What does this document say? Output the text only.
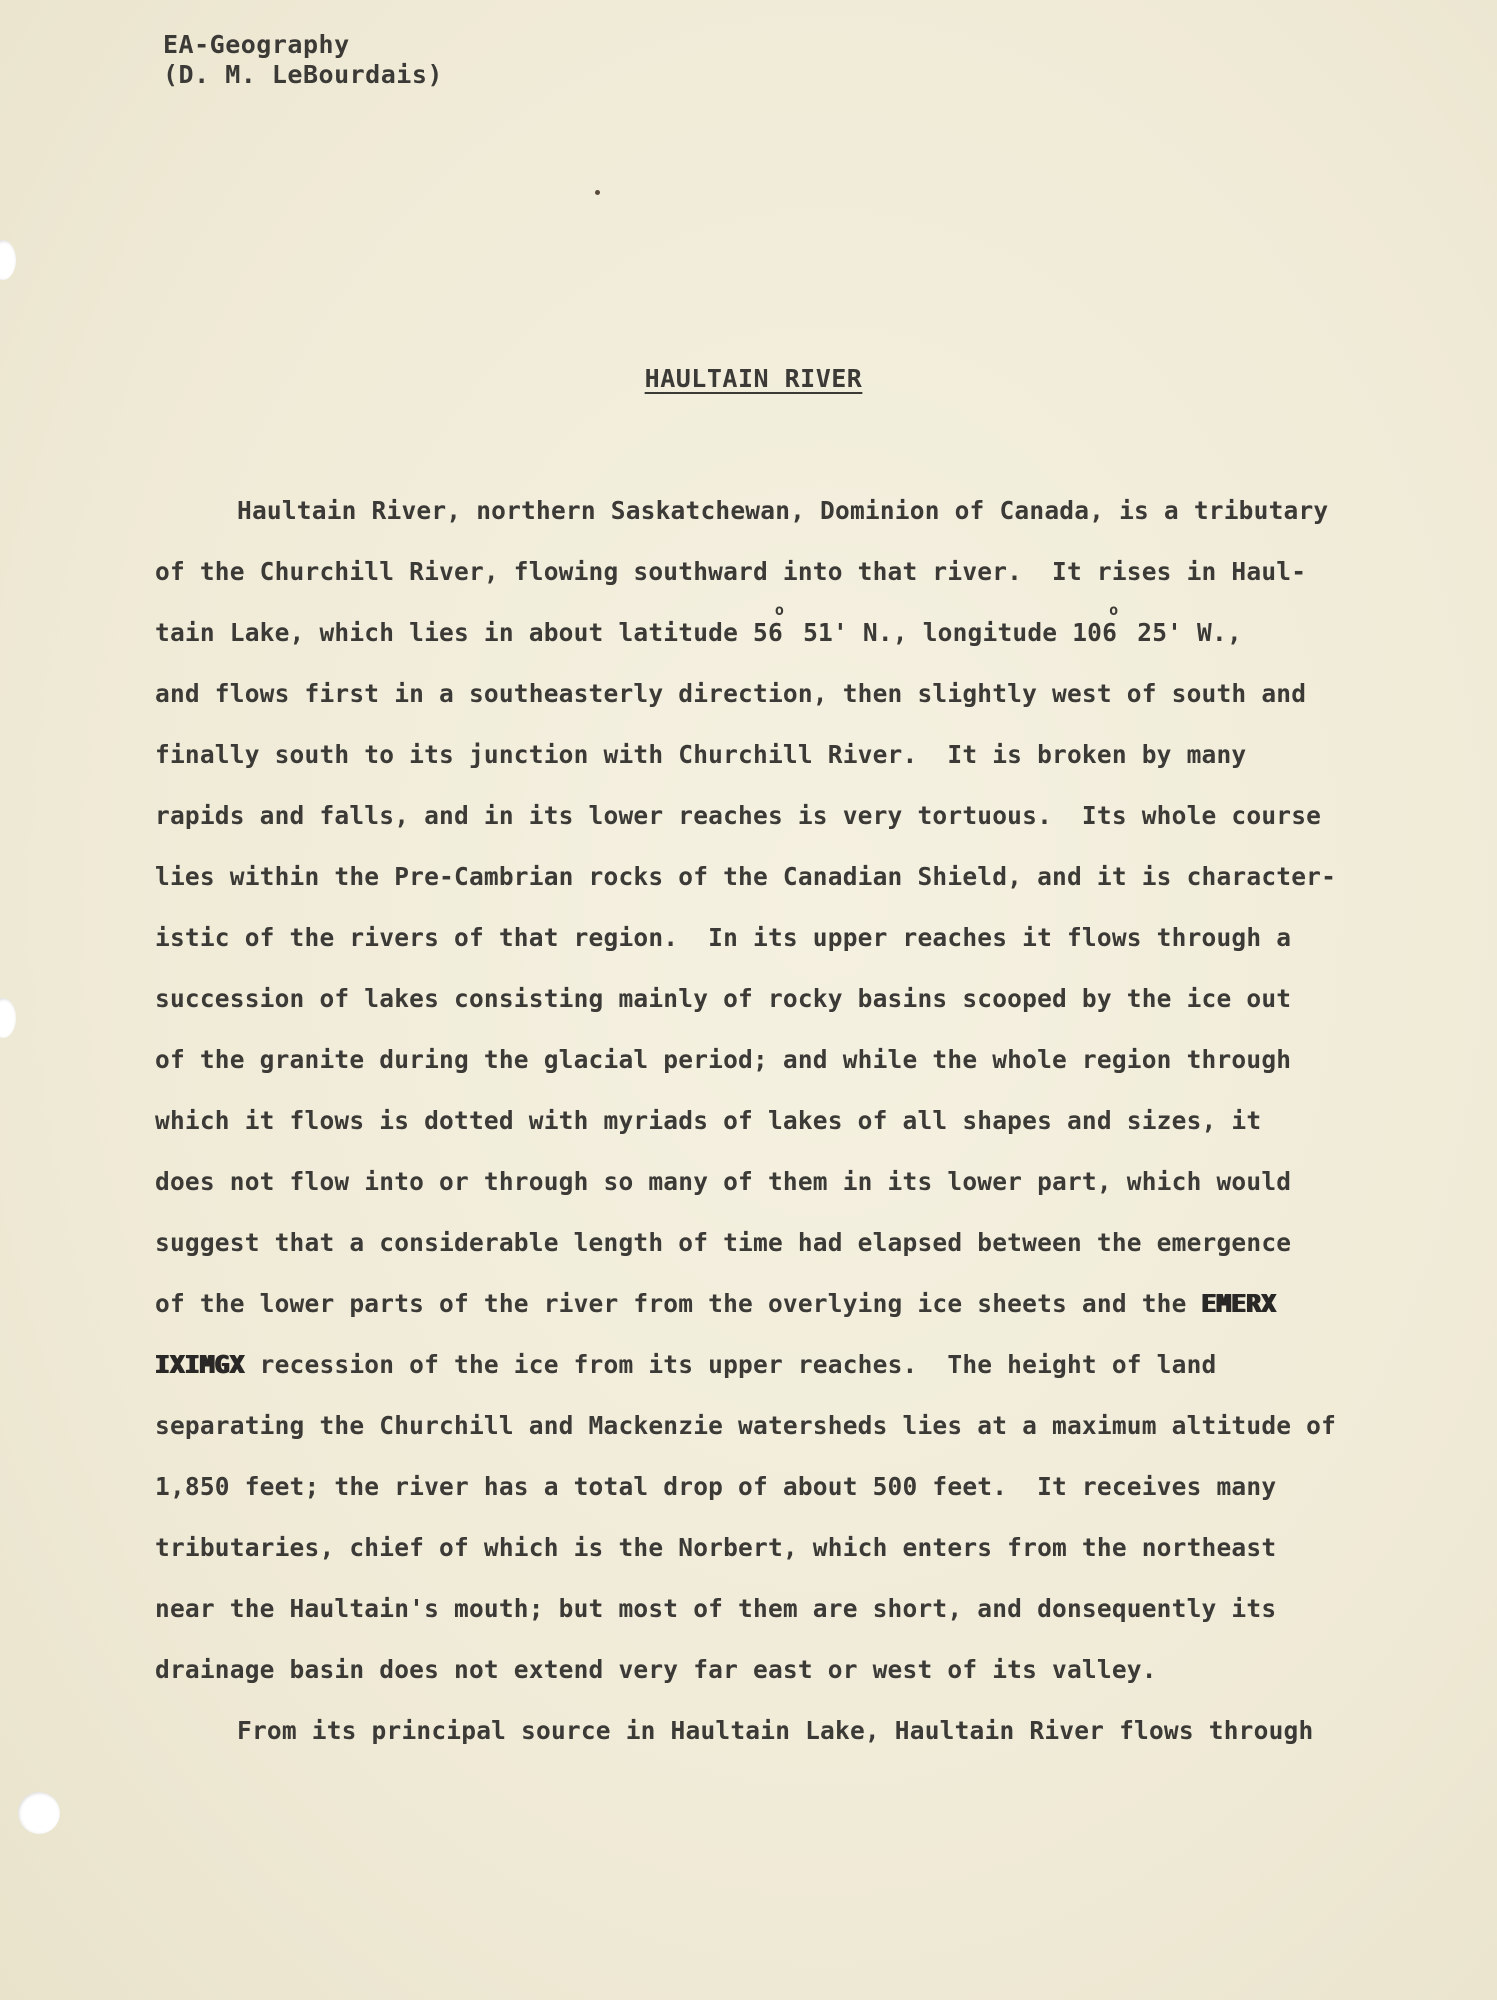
EA-Geography
(D. M. LeBourdais)
HAULTAIN RIVER
Haultain River, northern Saskatchewan, Dominion of Canada, is a tributary
of the Churchill River, flowing southward into that river.  It rises in Haul-
tain Lake, which lies in about latitude 56$^o$ 51' N., longitude 106$^o$ 25' W.,
and flows first in a southeasterly direction, then slightly west of south and
finally south to its junction with Churchill River.  It is broken by many
rapids and falls, and in its lower reaches is very tortuous.  Its whole course
lies within the Pre-Cambrian rocks of the Canadian Shield, and it is character-
istic of the rivers of that region.  In its upper reaches it flows through a
succession of lakes consisting mainly of rocky basins scooped by the ice out
of the granite during the glacial period; and while the whole region through
which it flows is dotted with myriads of lakes of all shapes and sizes, it
does not flow into or through so many of them in its lower part, which would
suggest that a considerable length of time had elapsed between the emergence
of the lower parts of the river from the overlying ice sheets and the EMERX
IXIMGX recession of the ice from its upper reaches.  The height of land
separating the Churchill and Mackenzie watersheds lies at a maximum altitude of
1,850 feet; the river has a total drop of about 500 feet.  It receives many
tributaries, chief of which is the Norbert, which enters from the northeast
near the Haultain's mouth; but most of them are short, and donsequently its
drainage basin does not extend very far east or west of its valley.
From its principal source in Haultain Lake, Haultain River flows through
